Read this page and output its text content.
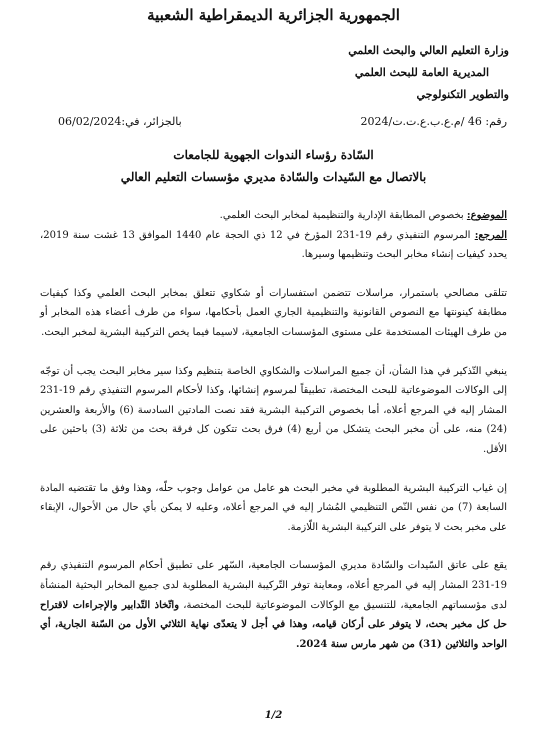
الجمهورية الجزائرية الديمقراطية الشعبية
وزارة التعليم العالي والبحث العلمي
المديرية العامة للبحث العلمي
والتطوير التكنولوجي
رقم: 46 /م.ع.ب.ع.ت.ت/2024
بالجزائر، في:06/02/2024
السّادة رؤساء الندوات الجهوية للجامعات
بالاتصال مع السّيدات والسّادة مديري مؤسسات التعليم العالي

الموضوع: بخصوص المطابقة الإدارية والتنظيمية لمخابر البحث العلمي.

المرجع: المرسوم التنفيذي رقم 19-231 المؤرخ في 12 ذي الحجة عام 1440 الموافق 13 غشت سنة 2019، يحدد كيفيات إنشاء مخابر البحث وتنظيمها وسيرها.

تتلقى مصالحي باستمرار، مراسلات تتضمن استفسارات أو شكاوي تتعلق بمخابر البحث العلمي وكذا كيفيات مطابقة كينونتها مع النصوص القانونية والتنظيمية الجاري العمل بأحكامها، سواء من طرف أعضاء هذه المخابر أو من طرف الهيئات المستخدمة على مستوى المؤسسات الجامعية، لاسيما فيما يخص التركيبة البشرية لمخبر البحث.

ينبغي التّذكير في هذا الشأن، أن جميع المراسلات والشكاوي الخاصة بتنظيم وكذا سير مخابر البحث يجب أن توجّه إلى الوكالات الموضوعاتية للبحث المختصة، تطبيقاً لمرسوم إنشائها، وكذا لأحكام المرسوم التنفيذي رقم 19-231 المشار إليه في المرجع أعلاه، أما بخصوص التركيبة البشرية فقد نصت المادتين السادسة (6) والأربعة والعشرين (24) منه، على أن مخبر البحث يتشكل من أربع (4) فرق بحث تتكون كل فرقة بحث من ثلاثة (3) باحثين على الأقل.

إن غياب التركيبة البشرية المطلوبة في مخبر البحث هو عامل من عوامل وجوب حلّه، وهذا وفق ما تقتضيه المادة السابعة (7) من نفس النّص التنظيمي المُشار إليه في المرجع أعلاه، وعليه لا يمكن بأي حال من الأحوال، الإبقاء على مخبر بحث لا يتوفر على التركيبة البشرية اللّازمة.

يقع على عاتق السّيدات والسّادة مديري المؤسسات الجامعية، السّهر على تطبيق أحكام المرسوم التنفيذي رقم 19-231 المشار إليه في المرجع أعلاه، ومعاينة توفر التّركيبة البشرية المطلوبة لدى جميع المخابر البحثية المنشأة لدى مؤسساتهم الجامعية، للتنسيق مع الوكالات الموضوعاتية للبحث المختصة، واتّخاذ التّدابير والإجراءات لاقتراح حل كل مخبر بحث، لا يتوفر على أركان قيامه، وهذا في أجل لا يتعدّى نهاية الثلاثي الأول من السّنة الجارية، أي الواحد والثلاثين (31) من شهر مارس سنة 2024.

1/2
